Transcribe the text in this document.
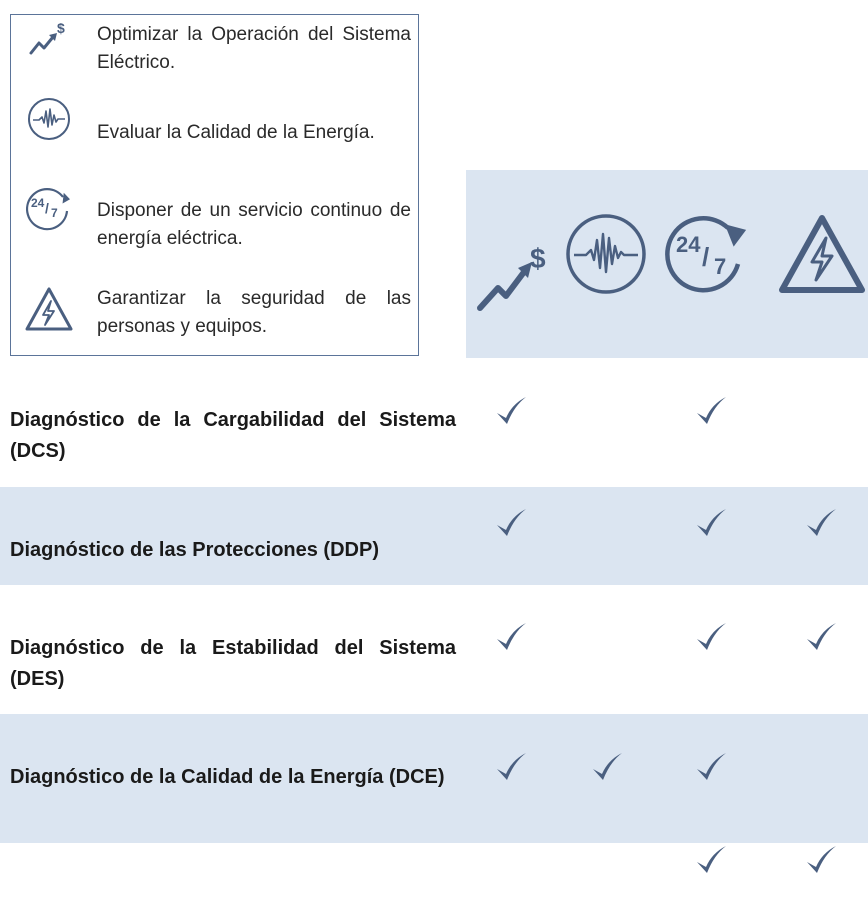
$ Optimizar la Operación del Sistema Eléctrico.
Evaluar la Calidad de la Energía.
24 / 7 Disponer de un servicio continuo de energía eléctrica.
Garantizar la seguridad de las personas y equipos.
$	24 / 7
Diagnóstico de la Cargabilidad del Sistema (DCS)
Diagnóstico de las Protecciones (DDP)
Diagnóstico de la Estabilidad del Sistema (DES)
Diagnóstico de la Calidad de la Energía (DCE)
